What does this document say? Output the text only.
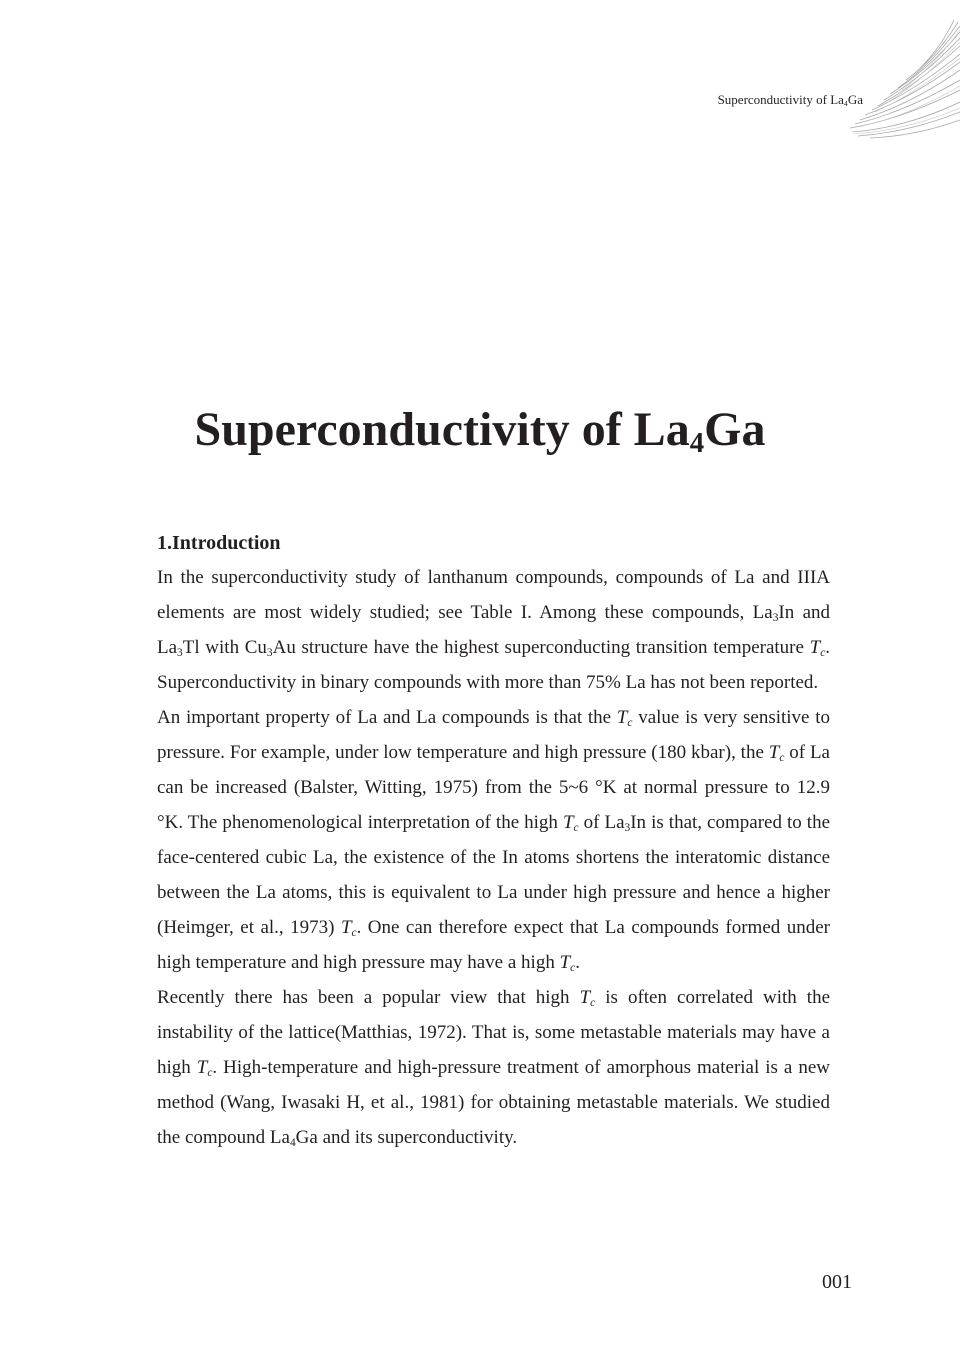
Superconductivity of $La_4Ga$
Superconductivity of $La_4Ga$
1.Introduction

In the superconductivity study of lanthanum compounds, compounds of La and IIIA elements are most widely studied; see Table I. Among these compounds, $La_3In$ and $La_3Tl$ with $Cu_3Au$ structure have the highest superconducting transition temperature $T_c$. Superconductivity in binary compounds with more than 75% La has not been reported.

An important property of La and La compounds is that the $T_c$ value is very sensitive to pressure. For example, under low temperature and high pressure (180 kbar), the $T_c$ of La can be increased (Balster, Witting, 1975) from the 5~6 °K at normal pressure to 12.9 °K. The phenomenological interpretation of the high $T_c$ of $La_3In$ is that, compared to the face-centered cubic La, the existence of the In atoms shortens the interatomic distance between the La atoms, this is equivalent to La under high pressure and hence a higher (Heimger, et al., 1973) $T_c$. One can therefore expect that La compounds formed under high temperature and high pressure may have a high $T_c$.

Recently there has been a popular view that high $T_c$ is often correlated with the instability of the lattice(Matthias, 1972). That is, some metastable materials may have a high $T_c$. High-temperature and high-pressure treatment of amorphous material is a new method (Wang, Iwasaki H, et al., 1981) for obtaining metastable materials. We studied the compound $La_4Ga$ and its superconductivity.

001
